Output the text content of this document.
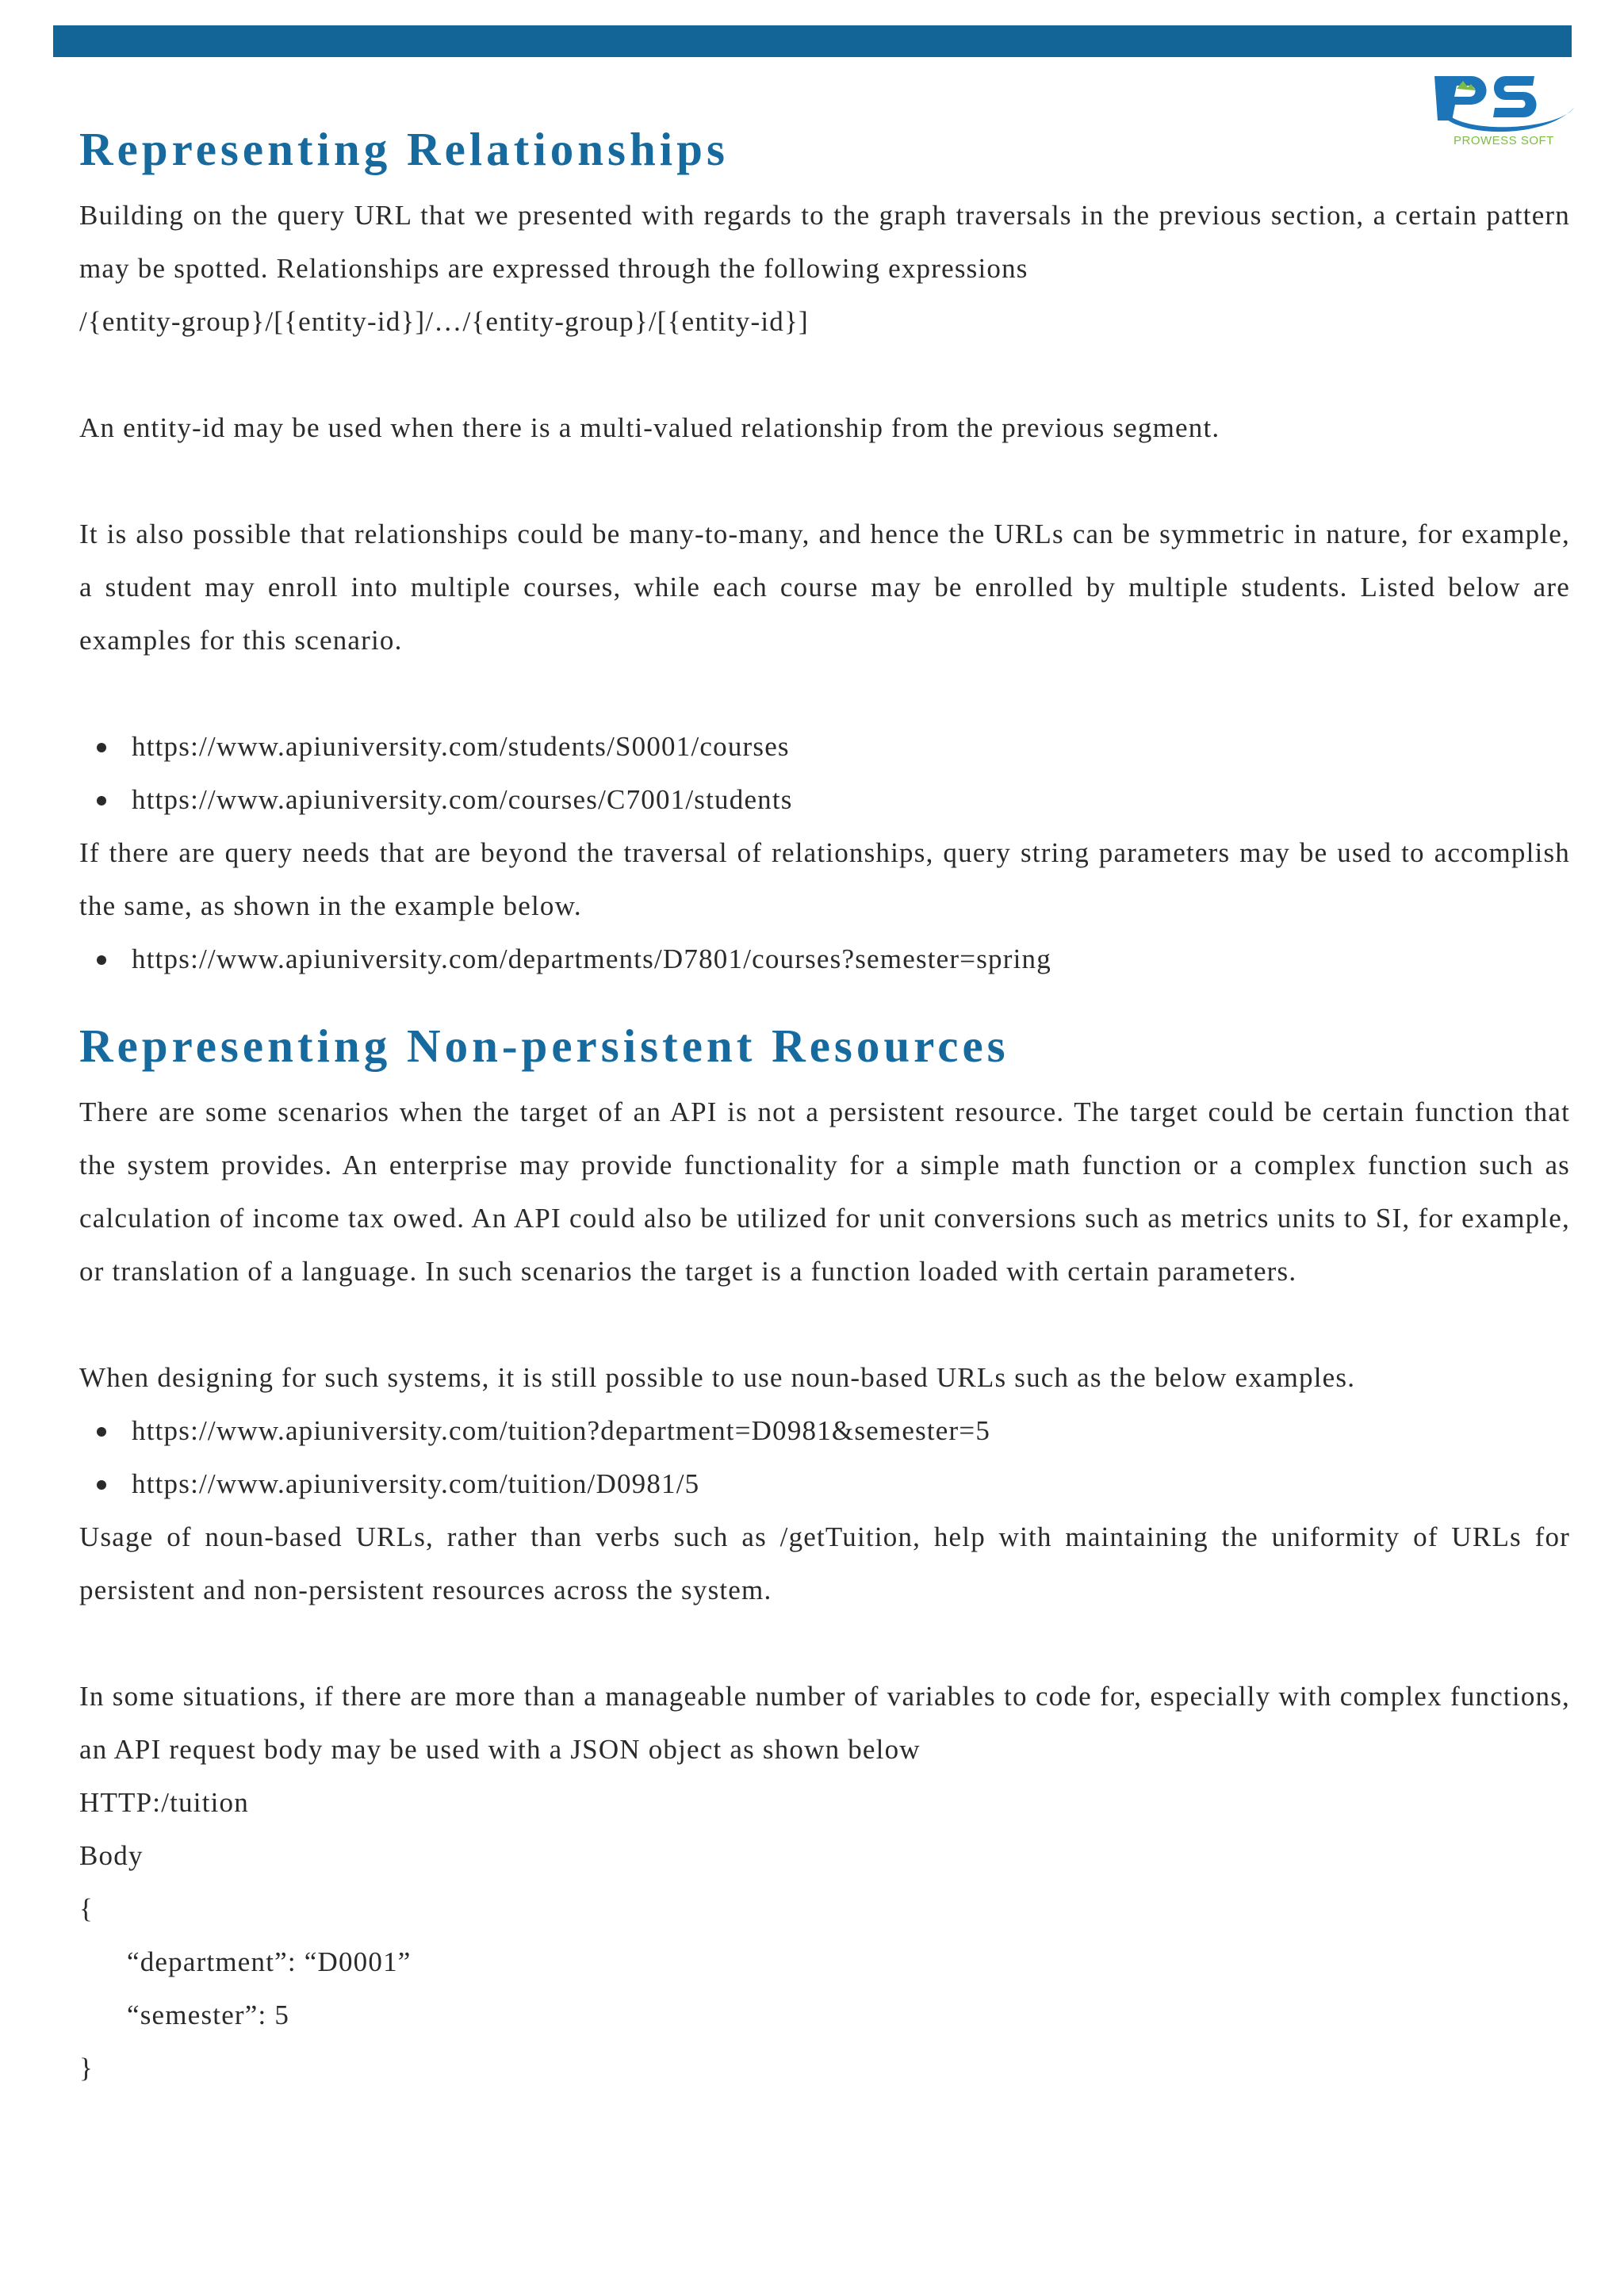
PROWESS SOFT
Representing Relationships

Building on the query URL that we presented with regards to the graph traversals in the previous section, a certain pattern may be spotted. Relationships are expressed through the following expressions

/{entity-group}/[{entity-id}]/…/{entity-group}/[{entity-id}]

An entity-id may be used when there is a multi-valued relationship from the previous segment.

It is also possible that relationships could be many-to-many, and hence the URLs can be symmetric in nature, for example, a student may enroll into multiple courses, while each course may be enrolled by multiple students. Listed below are examples for this scenario.

https://www.apiuniversity.com/students/S0001/courses
https://www.apiuniversity.com/courses/C7001/students

If there are query needs that are beyond the traversal of relationships, query string parameters may be used to accomplish the same, as shown in the example below.

https://www.apiuniversity.com/departments/D7801/courses?semester=spring
Representing Non-persistent Resources

There are some scenarios when the target of an API is not a persistent resource. The target could be certain function that the system provides. An enterprise may provide functionality for a simple math function or a complex function such as calculation of income tax owed. An API could also be utilized for unit conversions such as metrics units to SI, for example, or translation of a language. In such scenarios the target is a function loaded with certain parameters.

When designing for such systems, it is still possible to use noun-based URLs such as the below examples.

https://www.apiuniversity.com/tuition?department=D0981&semester=5
https://www.apiuniversity.com/tuition/D0981/5

Usage of noun-based URLs, rather than verbs such as /getTuition, help with maintaining the uniformity of URLs for persistent and non-persistent resources across the system.

In some situations, if there are more than a manageable number of variables to code for, especially with complex functions, an API request body may be used with a JSON object as shown below

HTTP:/tuition
Body
{
“department”: “D0001”
“semester”: 5
}
